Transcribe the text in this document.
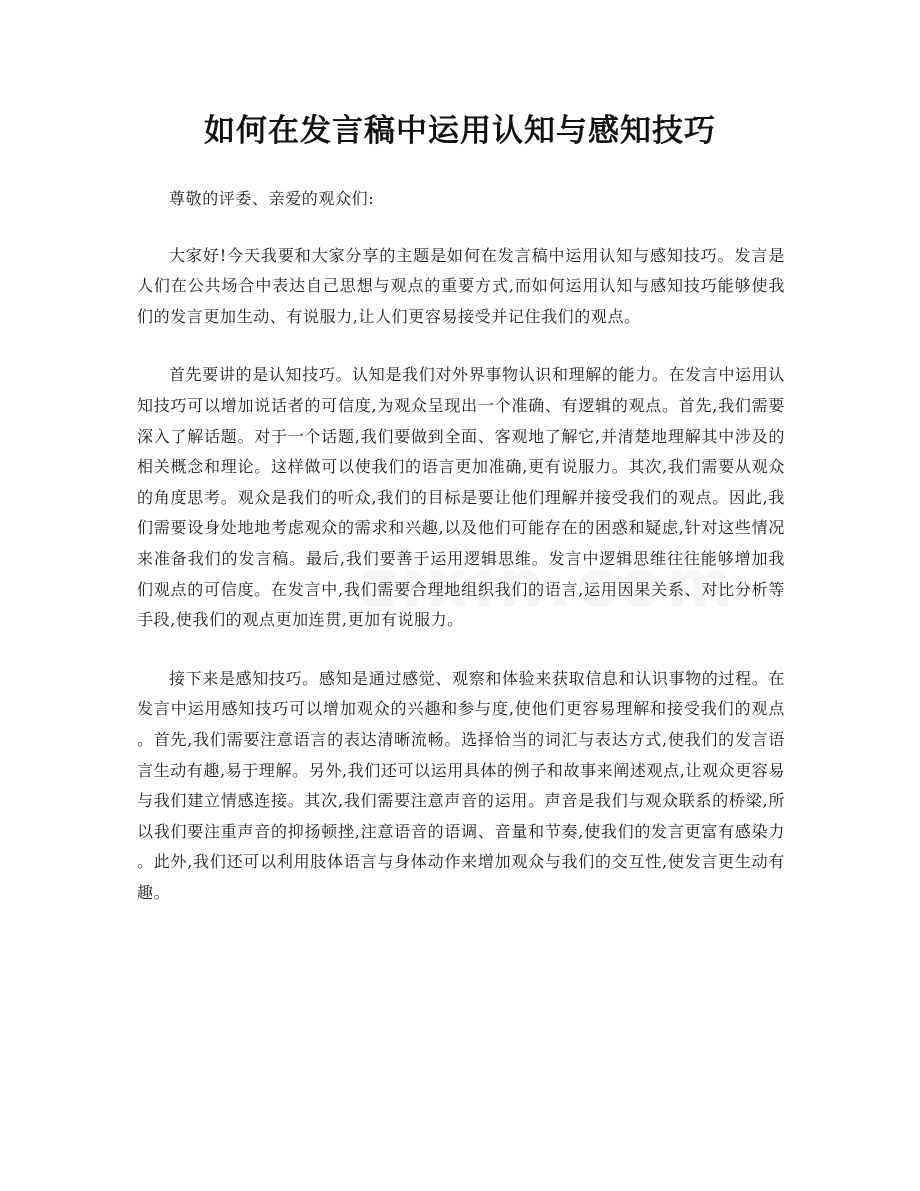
如何在发言稿中运用认知与感知技巧

尊敬的评委、亲爱的观众们:

大家好!今天我要和大家分享的主题是如何在发言稿中运用认知与感知技巧。发言是人们在公共场合中表达自己思想与观点的重要方式,而如何运用认知与感知技巧能够使我们的发言更加生动、有说服力,让人们更容易接受并记住我们的观点。

首先要讲的是认知技巧。认知是我们对外界事物认识和理解的能力。在发言中运用认知技巧可以增加说话者的可信度,为观众呈现出一个准确、有逻辑的观点。首先,我们需要深入了解话题。对于一个话题,我们要做到全面、客观地了解它,并清楚地理解其中涉及的相关概念和理论。这样做可以使我们的语言更加准确,更有说服力。其次,我们需要从观众的角度思考。观众是我们的听众,我们的目标是要让他们理解并接受我们的观点。因此,我们需要设身处地地考虑观众的需求和兴趣,以及他们可能存在的困惑和疑虑,针对这些情况来准备我们的发言稿。最后,我们要善于运用逻辑思维。发言中逻辑思维往往能够增加我们观点的可信度。在发言中,我们需要合理地组织我们的语言,运用因果关系、对比分析等手段,使我们的观点更加连贯,更加有说服力。

接下来是感知技巧。感知是通过感觉、观察和体验来获取信息和认识事物的过程。在发言中运用感知技巧可以增加观众的兴趣和参与度,使他们更容易理解和接受我们的观点。首先,我们需要注意语言的表达清晰流畅。选择恰当的词汇与表达方式,使我们的发言语言生动有趣,易于理解。另外,我们还可以运用具体的例子和故事来阐述观点,让观众更容易与我们建立情感连接。其次,我们需要注意声音的运用。声音是我们与观众联系的桥梁,所以我们要注重声音的抑扬顿挫,注意语音的语调、音量和节奏,使我们的发言更富有感染力。此外,我们还可以利用肢体语言与身体动作来增加观众与我们的交互性,使发言更生动有趣。
